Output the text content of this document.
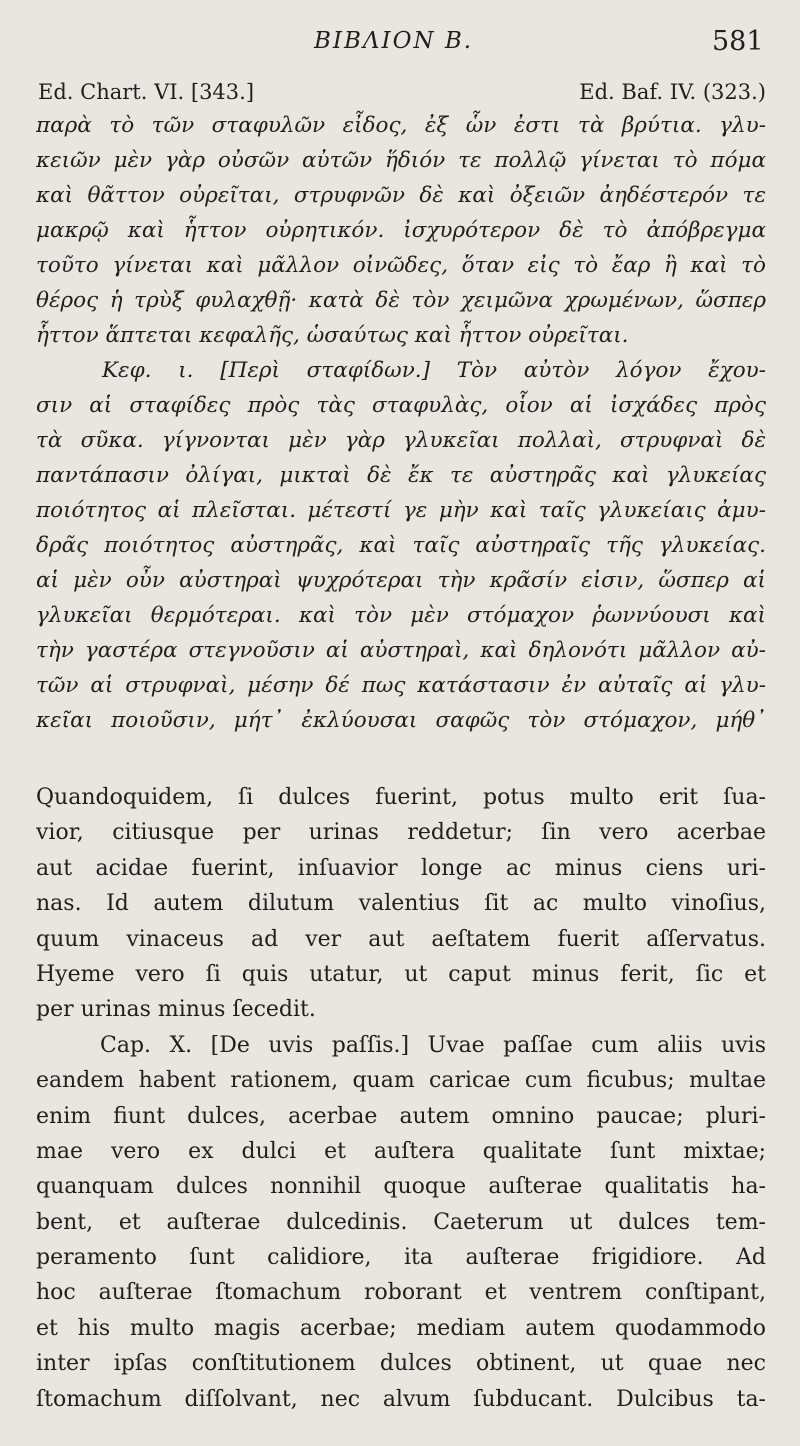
ΒΙΒΛΙΟΝ Β.	581
Ed. Chart. VI. [343.]	Ed. Baf. IV. (323.)
παρὰ τὸ τῶν σταφυλῶν εἶδος, ἐξ ὧν ἐστι τὰ βρύτια. γλυ-
κειῶν μὲν γὰρ οὐσῶν αὐτῶν ἥδιόν τε πολλῷ γίνεται τὸ πόμα
καὶ θᾶττον οὐρεῖται, στρυφνῶν δὲ καὶ ὀξειῶν ἀηδέστερόν τε
μακρῷ καὶ ἧττον οὐρητικόν. ἰσχυρότερον δὲ τὸ ἀπόβρεγμα
τοῦτο γίνεται καὶ μᾶλλον οἰνῶδες, ὅταν εἰς τὸ ἔαρ ἢ καὶ τὸ
θέρος ἡ τρὺξ φυλαχθῇ· κατὰ δὲ τὸν χειμῶνα χρωμένων, ὥσπερ
ἧττον ἅπτεται κεφαλῆς, ὡσαύτως καὶ ἧττον οὐρεῖται.
Κεφ. ι. [Περὶ σταφίδων.] Τὸν αὐτὸν λόγον ἔχου-
σιν αἱ σταφίδες πρὸς τὰς σταφυλὰς, οἷον αἱ ἰσχάδες πρὸς
τὰ σῦκα. γίγνονται μὲν γὰρ γλυκεῖαι πολλαὶ, στρυφναὶ δὲ
παντάπασιν ὀλίγαι, μικταὶ δὲ ἔκ τε αὐστηρᾶς καὶ γλυκείας
ποιότητος αἱ πλεῖσται. μέτεστί γε μὴν καὶ ταῖς γλυκείαις ἀμυ-
δρᾶς ποιότητος αὐστηρᾶς, καὶ ταῖς αὐστηραῖς τῆς γλυκείας.
αἱ μὲν οὖν αὐστηραὶ ψυχρότεραι τὴν κρᾶσίν εἰσιν, ὥσπερ αἱ
γλυκεῖαι θερμότεραι. καὶ τὸν μὲν στόμαχον ῥωννύουσι καὶ
τὴν γαστέρα στεγνοῦσιν αἱ αὐστηραὶ, καὶ δηλονότι μᾶλλον αὐ-
τῶν αἱ στρυφναὶ, μέσην δέ πως κατάστασιν ἐν αὐταῖς αἱ γλυ-
κεῖαι ποιοῦσιν, μήτ᾽ ἐκλύουσαι σαφῶς τὸν στόμαχον, μήθ᾽
Quandoquidem, ſi dulces fuerint, potus multo erit ſua-
vior, citiusque per urinas reddetur; ſin vero acerbae
aut acidae fuerint, inſuavior longe ac minus ciens uri-
nas. Id autem dilutum valentius ſit ac multo vinoſius,
quum vinaceus ad ver aut aeſtatem fuerit aſſervatus.
Hyeme vero ſi quis utatur, ut caput minus ferit, ſic et
per urinas minus ſecedit.
Cap. X. [De uvis paſſis.] Uvae paſſae cum aliis uvis
eandem habent rationem, quam caricae cum ficubus; multae
enim fiunt dulces, acerbae autem omnino paucae; pluri-
mae vero ex dulci et auſtera qualitate ſunt mixtae;
quanquam dulces nonnihil quoque auſterae qualitatis ha-
bent, et auſterae dulcedinis. Caeterum ut dulces tem-
peramento ſunt calidiore, ita auſterae frigidiore. Ad
hoc auſterae ſtomachum roborant et ventrem conſtipant,
et his multo magis acerbae; mediam autem quodammodo
inter ipſas conſtitutionem dulces obtinent, ut quae nec
ſtomachum diſſolvant, nec alvum ſubducant. Dulcibus ta-
